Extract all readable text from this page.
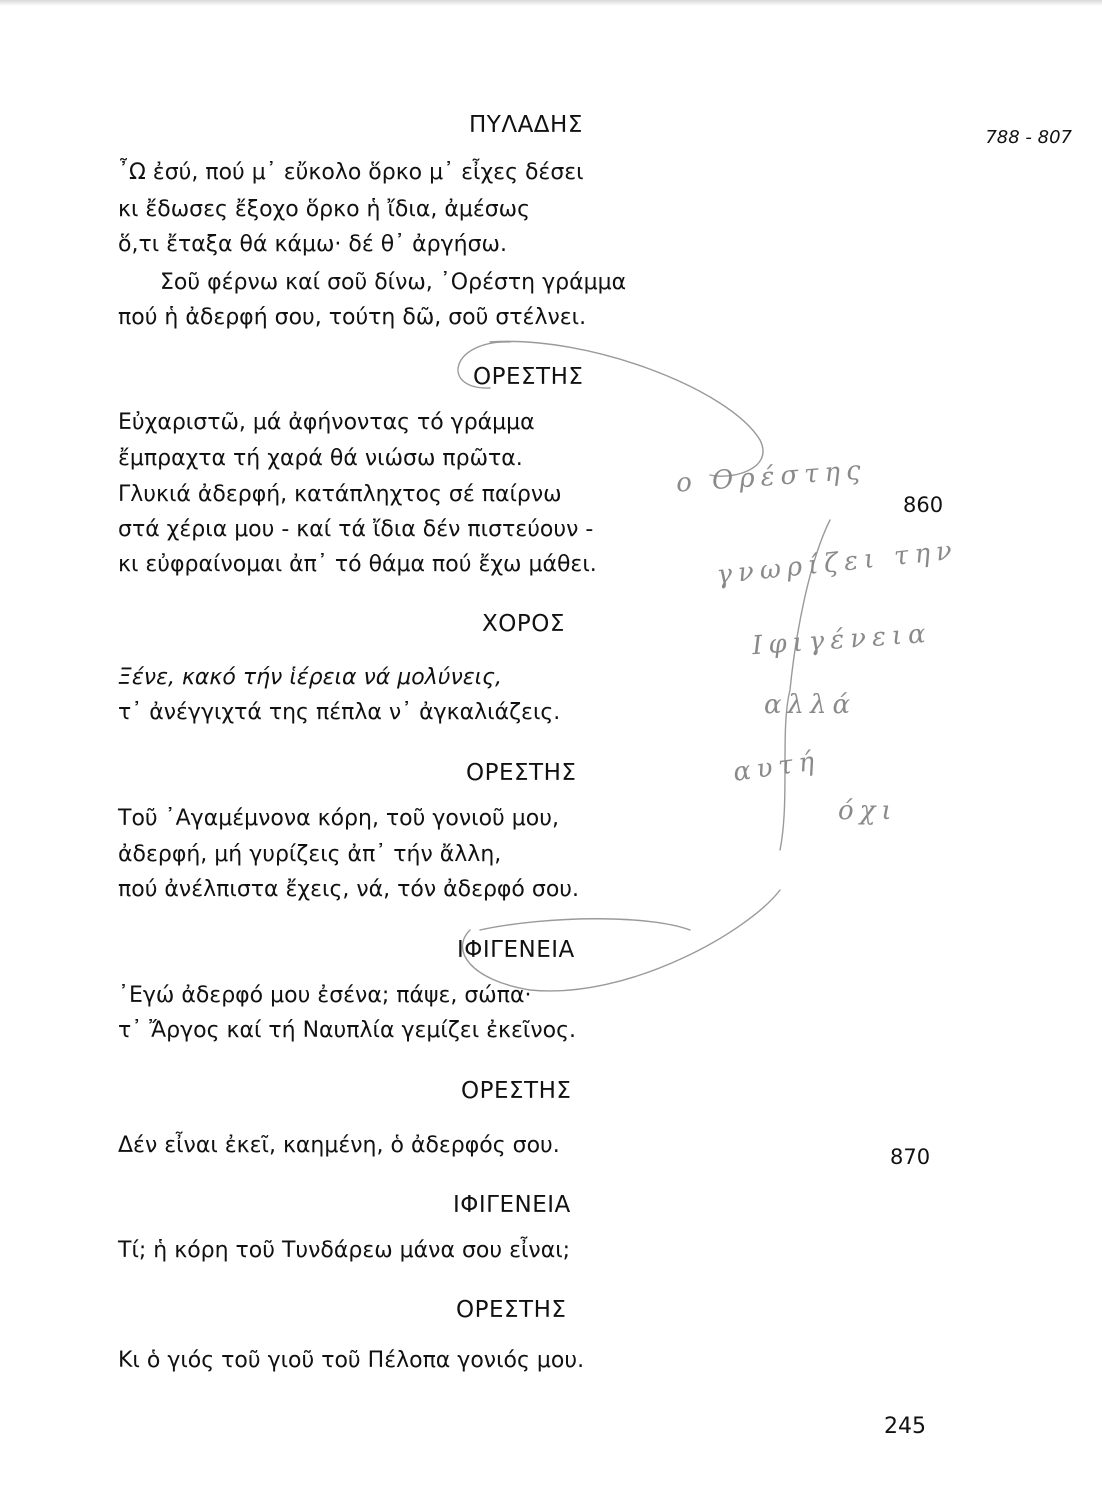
788 - 807
ΠΥΛΑΔΗΣ
῏Ω ἐσύ, πού μ᾿ εὔκολο ὅρκο μ᾿ εἶχες δέσει
κι ἔδωσες ἔξοχο ὅρκο ἡ ἴδια, ἀμέσως
ὅ,τι ἔταξα θά κάμω· δέ θ᾿ ἀργήσω.
Σοῦ φέρνω καί σοῦ δίνω, ᾿Ορέστη γράμμα
πού ἡ ἀδερφή σου, τούτη δῶ, σοῦ στέλνει.
ΟΡΕΣΤΗΣ
Εὐχαριστῶ, μά ἀφήνοντας τό γράμμα
ἔμπραχτα τή χαρά θά νιώσω πρῶτα.
Γλυκιά ἀδερφή, κατάπληχτος σέ παίρνω
στά χέρια μου - καί τά ἴδια δέν πιστεύουν -
κι εὐφραίνομαι ἀπ᾿ τό θάμα πού ἔχω μάθει.
860
ΧΟΡΟΣ
Ξένε, κακό τήν ἱέρεια νά μολύνεις,
τ᾿ ἀνέγγιχτά της πέπλα ν᾿ ἀγκαλιάζεις.
ΟΡΕΣΤΗΣ
Τοῦ ᾿Αγαμέμνονα κόρη, τοῦ γονιοῦ μου,
ἀδερφή, μή γυρίζεις ἀπ᾿ τήν ἄλλη,
πού ἀνέλπιστα ἔχεις, νά, τόν ἀδερφό σου.
ΙΦΙΓΕΝΕΙΑ
᾿Εγώ ἀδερφό μου ἐσένα; πάψε, σώπα·
τ᾿ Ἄργος καί τή Ναυπλία γεμίζει ἐκεῖνος.
ΟΡΕΣΤΗΣ
Δέν εἶναι ἐκεῖ, καημένη, ὁ ἀδερφός σου.	870
ΙΦΙΓΕΝΕΙΑ
Τί; ἡ κόρη τοῦ Τυνδάρεω μάνα σου εἶναι;
ΟΡΕΣΤΗΣ
Κι ὁ γιός τοῦ γιοῦ τοῦ Πέλοπα γονιός μου.
245
ο Ορέστης
γνωρίζει την
Ιφιγένεια
αλλά
αυτή
όχι
